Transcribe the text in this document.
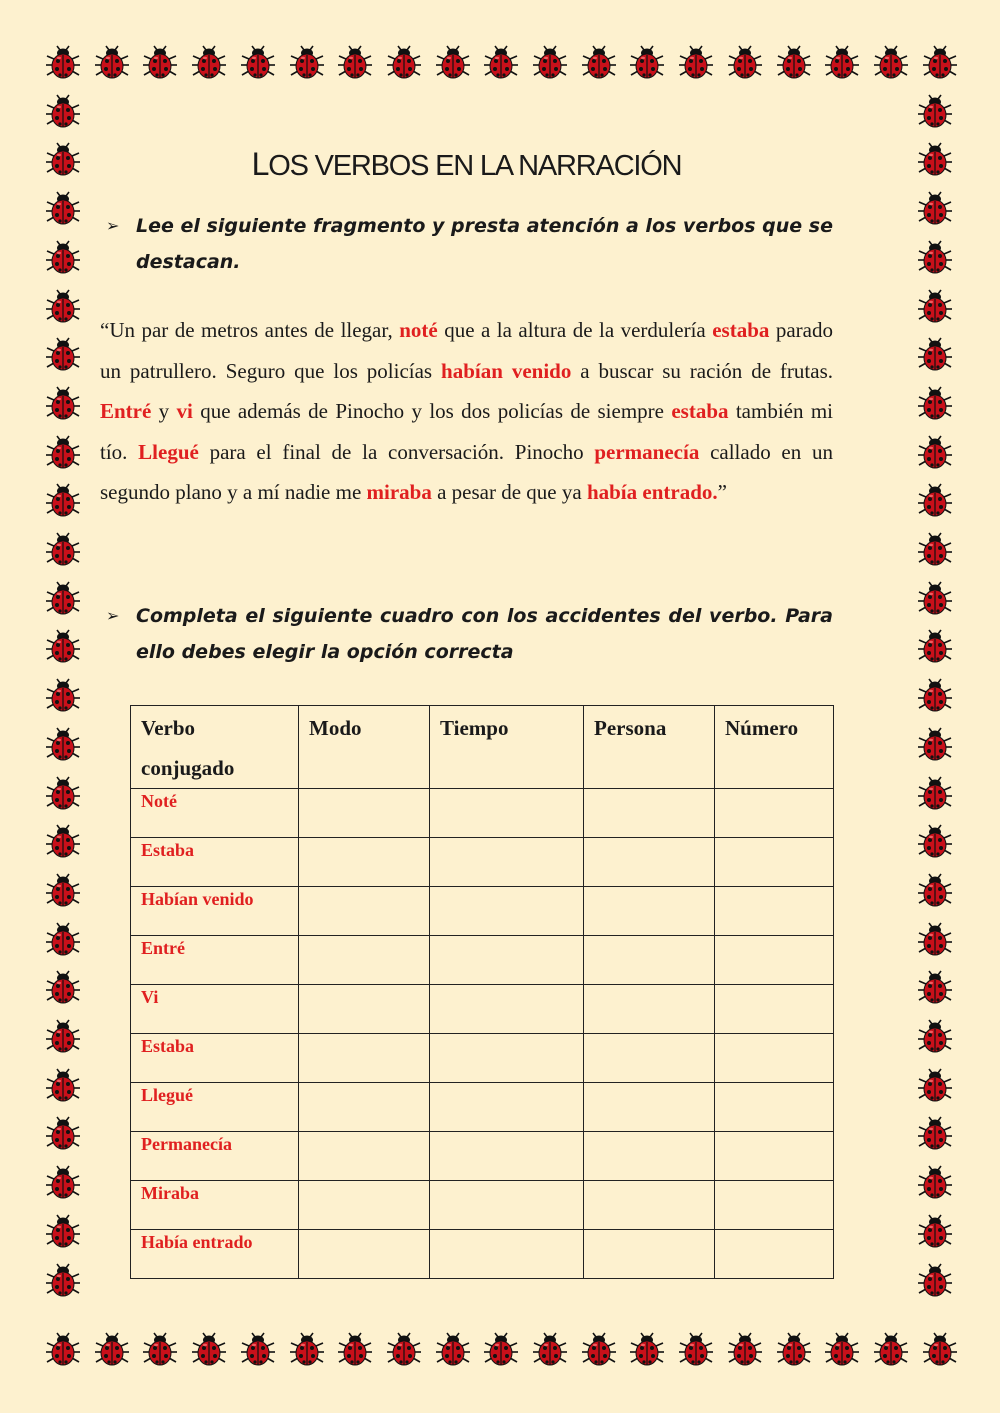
LOS VERBOS EN LA NARRACIÓN
➢ Lee el siguiente fragmento y presta atención a los verbos que se destacan.
“Un par de metros antes de llegar, noté que a la altura de la verdulería estaba parado un patrullero. Seguro que los policías habían venido a buscar su ración de frutas. Entré y vi que además de Pinocho y los dos policías de siempre estaba también mi tío. Llegué para el final de la conversación. Pinocho permanecía callado en un segundo plano y a mí nadie me miraba a pesar de que ya había entrado.”
➢ Completa el siguiente cuadro con los accidentes del verbo. Para ello debes elegir la opción correcta
Verbo conjugado	Modo	Tiempo	Persona	Número
Noté				
Estaba				
Habían venido				
Entré				
Vi				
Estaba				
Llegué				
Permanecía				
Miraba				
Había entrado				
